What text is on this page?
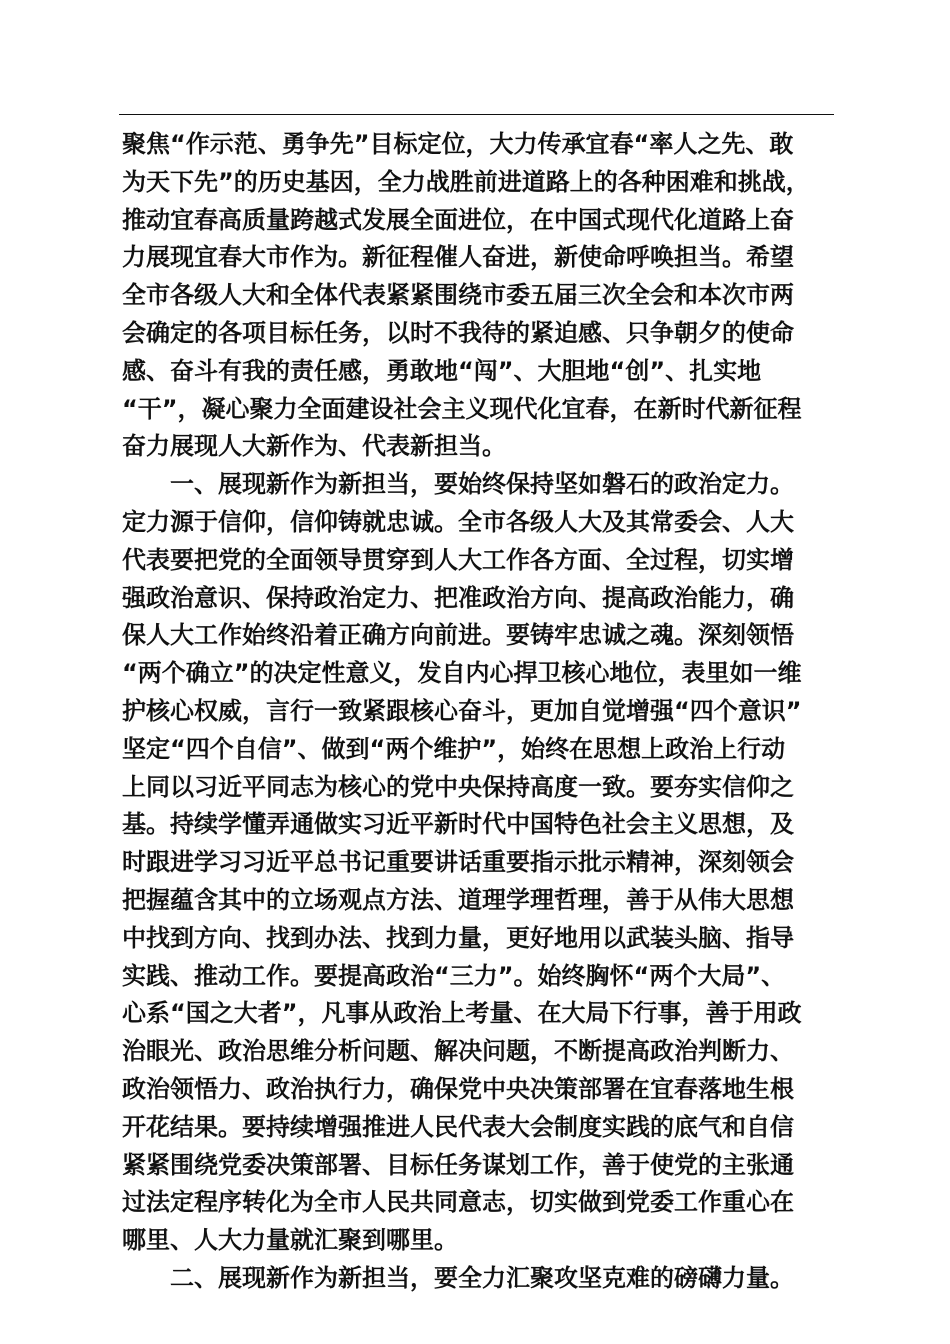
聚焦“作示范、勇争先”目标定位，大力传承宜春“率人之先、敢
为天下先”的历史基因，全力战胜前进道路上的各种困难和挑战，
推动宜春高质量跨越式发展全面进位，在中国式现代化道路上奋
力展现宜春大市作为。新征程催人奋进，新使命呼唤担当。希望
全市各级人大和全体代表紧紧围绕市委五届三次全会和本次市两
会确定的各项目标任务，以时不我待的紧迫感、只争朝夕的使命
感、奋斗有我的责任感，勇敢地“闯”、大胆地“创”、扎实地
“干”，凝心聚力全面建设社会主义现代化宜春，在新时代新征程
奋力展现人大新作为、代表新担当。
一、展现新作为新担当，要始终保持坚如磐石的政治定力。
定力源于信仰，信仰铸就忠诚。全市各级人大及其常委会、人大
代表要把党的全面领导贯穿到人大工作各方面、全过程，切实增
强政治意识、保持政治定力、把准政治方向、提高政治能力，确
保人大工作始终沿着正确方向前进。要铸牢忠诚之魂。深刻领悟
“两个确立”的决定性意义，发自内心捍卫核心地位，表里如一维
护核心权威，言行一致紧跟核心奋斗，更加自觉增强“四个意识”
坚定“四个自信”、做到“两个维护”，始终在思想上政治上行动
上同以习近平同志为核心的党中央保持高度一致。要夯实信仰之
基。持续学懂弄通做实习近平新时代中国特色社会主义思想，及
时跟进学习习近平总书记重要讲话重要指示批示精神，深刻领会
把握蕴含其中的立场观点方法、道理学理哲理，善于从伟大思想
中找到方向、找到办法、找到力量，更好地用以武装头脑、指导
实践、推动工作。要提高政治“三力”。始终胸怀“两个大局”、
心系“国之大者”，凡事从政治上考量、在大局下行事，善于用政
治眼光、政治思维分析问题、解决问题，不断提高政治判断力、
政治领悟力、政治执行力，确保党中央决策部署在宜春落地生根
开花结果。要持续增强推进人民代表大会制度实践的底气和自信
紧紧围绕党委决策部署、目标任务谋划工作，善于使党的主张通
过法定程序转化为全市人民共同意志，切实做到党委工作重心在
哪里、人大力量就汇聚到哪里。
二、展现新作为新担当，要全力汇聚攻坚克难的磅礴力量。
